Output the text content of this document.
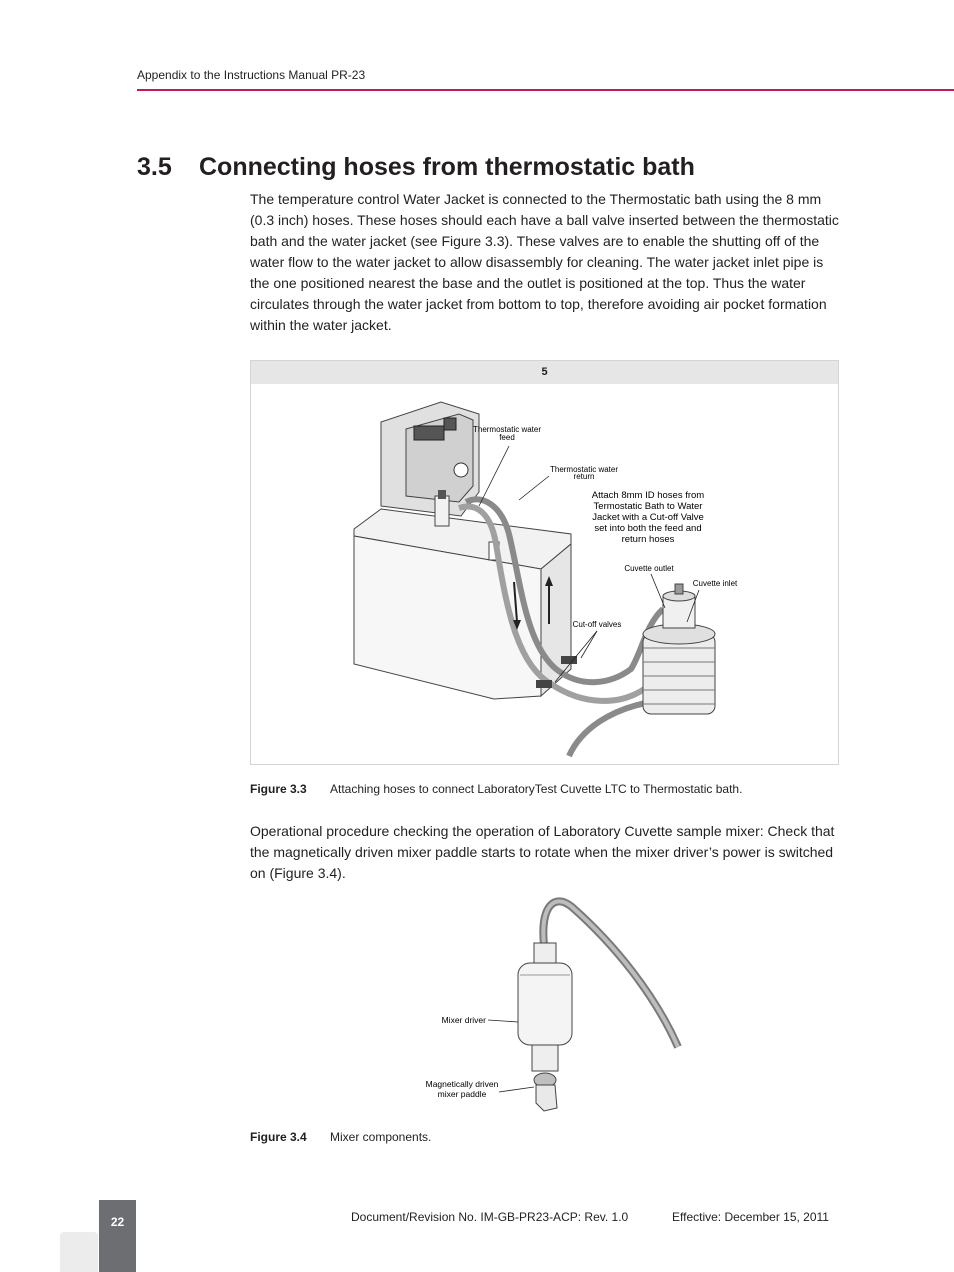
Appendix to the Instructions Manual PR-23
3.5 Connecting hoses from thermostatic bath

The temperature control Water Jacket is connected to the Thermostatic bath using the 8 mm (0.3 inch) hoses. These hoses should each have a ball valve inserted between the thermostatic bath and the water jacket (see Figure 3.3). These valves are to enable the shutting off of the water flow to the water jacket to allow disassembly for cleaning. The water jacket inlet pipe is the one positioned nearest the base and the outlet is positioned at the top. Thus the water circulates through the water jacket from bottom to top, therefore avoiding air pocket formation within the water jacket.

5
Thermostatic water
feed
Thermostatic water
return
Attach 8mm ID hoses from
Termostatic Bath to Water
Jacket with a Cut-off Valve
set into both the feed and
return hoses
Cuvette outlet
Cuvette inlet
Cut-off valves
Figure 3.3 Attaching hoses to connect LaboratoryTest Cuvette LTC to Thermostatic bath.

Operational procedure checking the operation of Laboratory Cuvette sample mixer: Check that the magnetically driven mixer paddle starts to rotate when the mixer driver’s power is switched on (Figure 3.4).

Mixer driver
Magnetically driven
mixer paddle
Figure 3.4 Mixer components.
22	Document/Revision No. IM-GB-PR23-ACP: Rev. 1.0	Effective: December 15, 2011
